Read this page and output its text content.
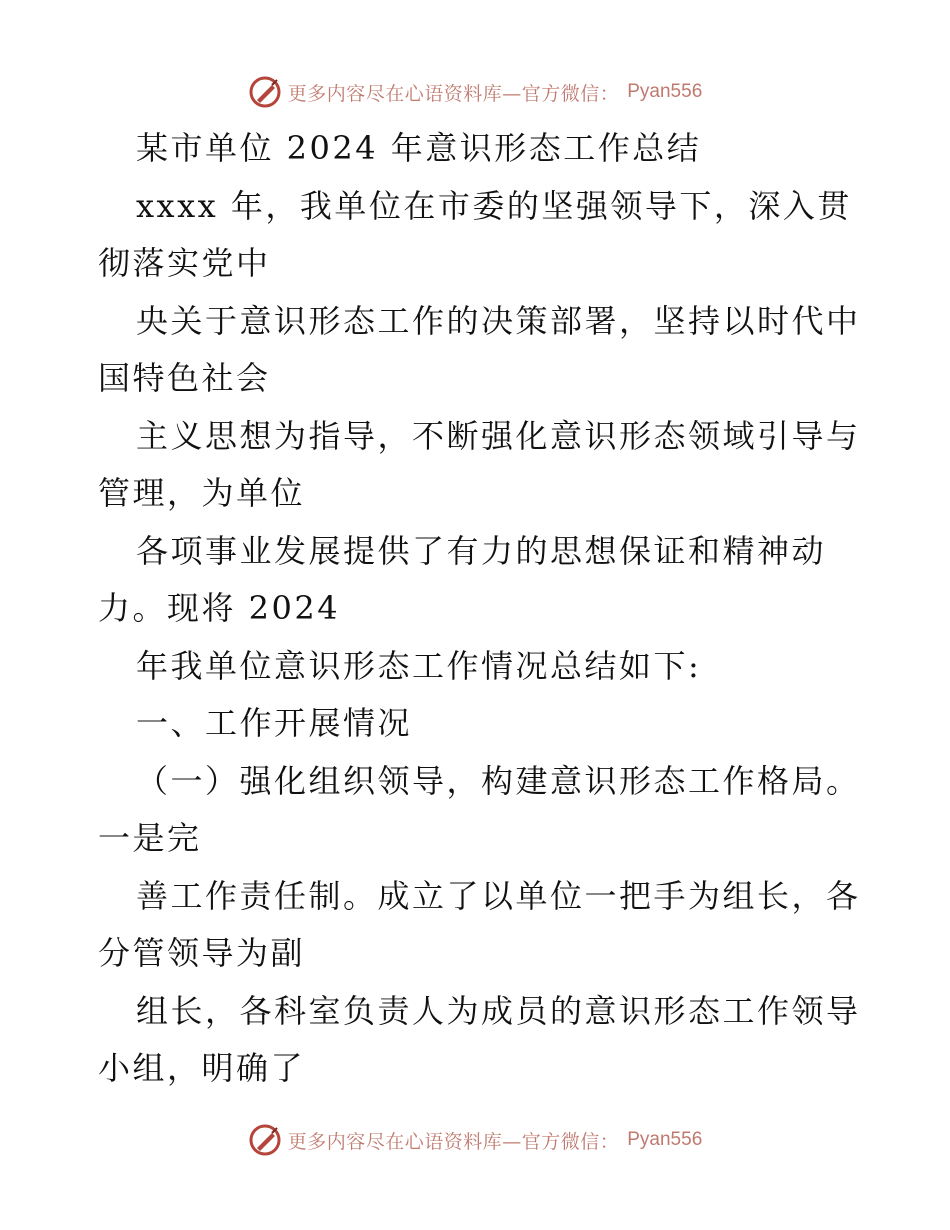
更多内容尽在心语资料库—官方微信： Pyan556
某市单位 2024 年意识形态工作总结
xxxx 年，我单位在市委的坚强领导下，深入贯
彻落实党中
央关于意识形态工作的决策部署，坚持以时代中
国特色社会
主义思想为指导，不断强化意识形态领域引导与
管理，为单位
各项事业发展提供了有力的思想保证和精神动
力。现将 2024
年我单位意识形态工作情况总结如下:
一、工作开展情况
（一）强化组织领导，构建意识形态工作格局。
一是完
善工作责任制。成立了以单位一把手为组长，各
分管领导为副
组长，各科室负责人为成员的意识形态工作领导
小组，明确了
更多内容尽在心语资料库—官方微信： Pyan556
